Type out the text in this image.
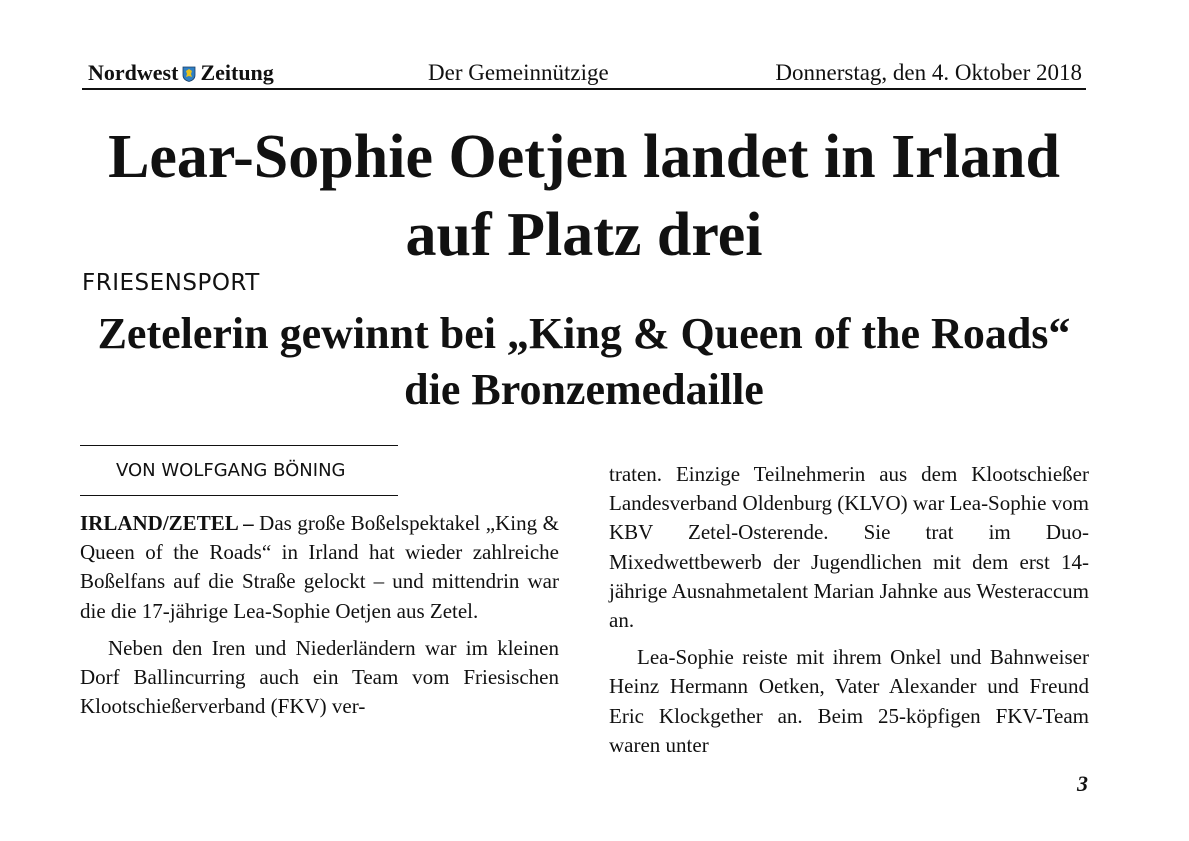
Nordwest Zeitung	Der Gemeinnützige	Donnerstag, den 4. Oktober 2018
Lear-Sophie Oetjen landet in Irland auf Platz drei
FRIESENSPORT
Zetelerin gewinnt bei „King & Queen of the Roads“ die Bronzemedaille
VON WOLFGANG BÖNING

IRLAND/ZETEL – Das große Boßelspektakel „King & Queen of the Roads“ in Irland hat wieder zahlreiche Boßelfans auf die Straße gelockt – und mittendrin war die die 17-jährige Lea-Sophie Oetjen aus Zetel.

Neben den Iren und Niederländern war im kleinen Dorf Ballincurring auch ein Team vom Friesischen Klootschießerverband (FKV) ver-

traten. Einzige Teilnehmerin aus dem Klootschießer Landesverband Oldenburg (KLVO) war Lea-Sophie vom KBV Zetel-Osterende. Sie trat im Duo-Mixedwettbewerb der Jugendlichen mit dem erst 14-jährige Ausnahmetalent Marian Jahnke aus Westeraccum an.

Lea-Sophie reiste mit ihrem Onkel und Bahnweiser Heinz Hermann Oetken, Vater Alexander und Freund Eric Klockgether an. Beim 25-köpfigen FKV-Team waren unter

3
